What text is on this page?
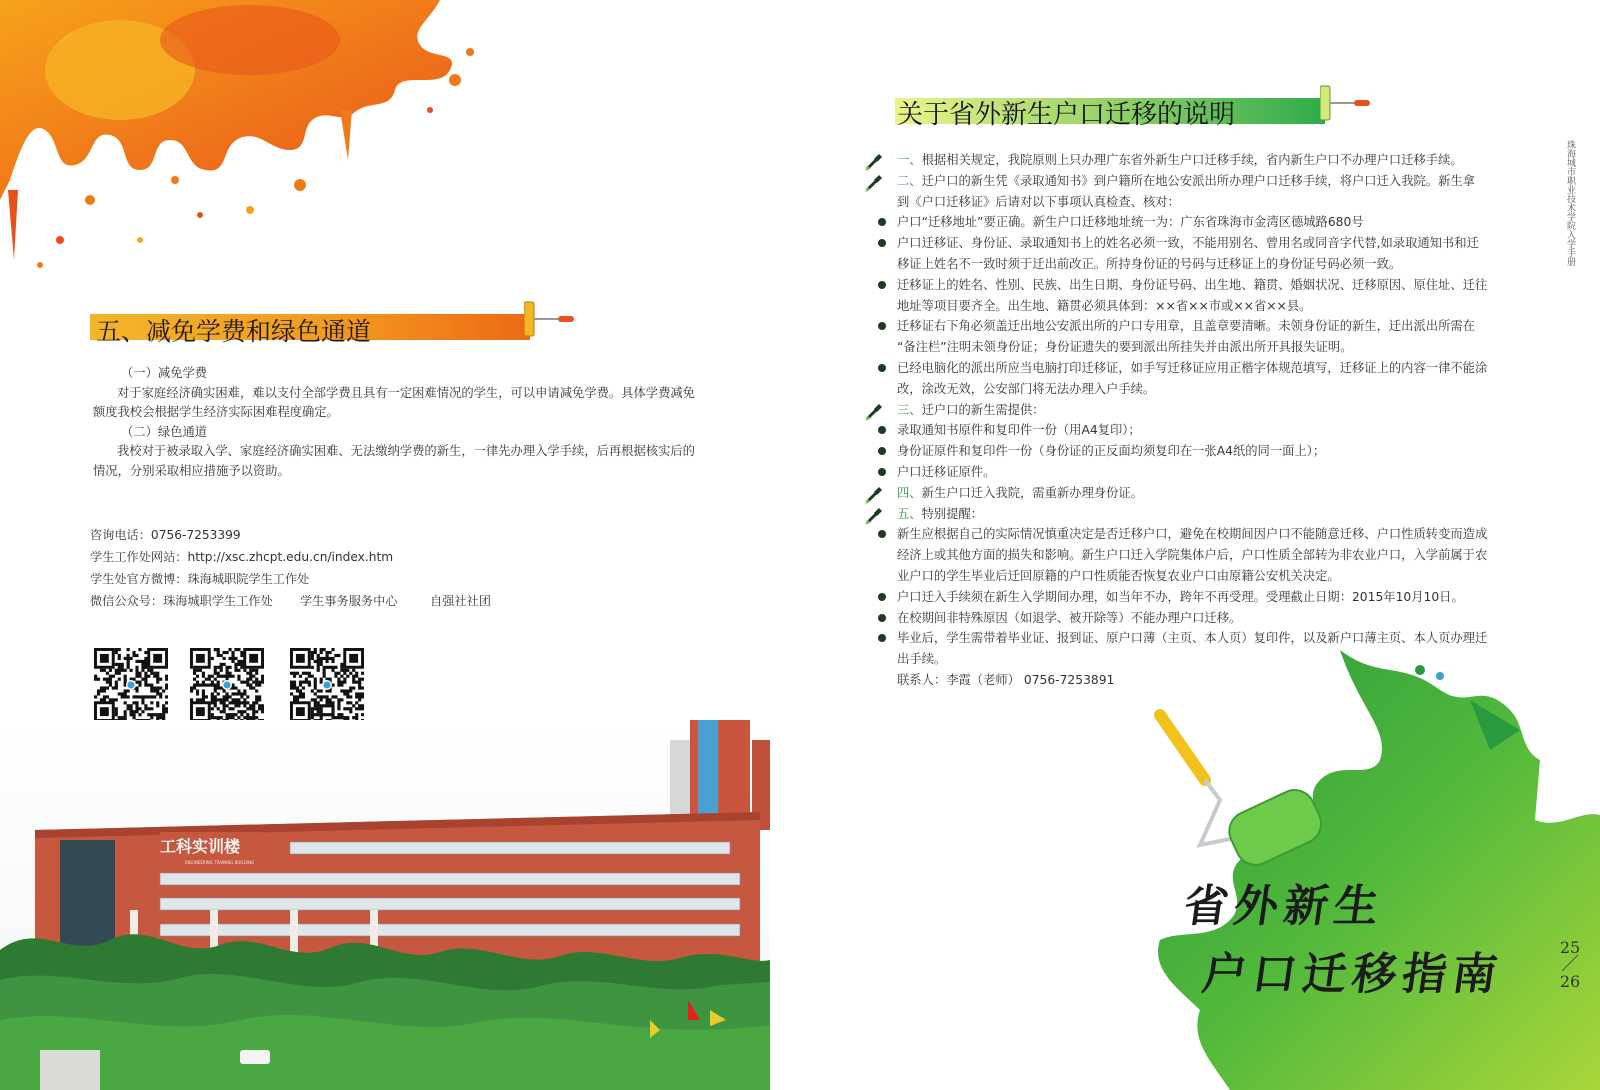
五、减免学费和绿色通道
（一）减免学费
对于家庭经济确实困难，难以支付全部学费且具有一定困难情况的学生，可以申请减免学费。具体学费减免额度我校会根据学生经济实际困难程度确定。
（二）绿色通道
我校对于被录取入学、家庭经济确实困难、无法缴纳学费的新生，一律先办理入学手续，后再根据核实后的情况，分别采取相应措施予以资助。
咨询电话：0756-7253399
学生工作处网站：http://xsc.zhcpt.edu.cn/index.htm
学生处官方微博：珠海城职院学生工作处
微信公众号：珠海城职学生工作处	学生事务服务中心	自强社社团
工科实训楼
ENGINEERING TRAINING BUILDING
关于省外新生户口迁移的说明
珠海城市职业技术学院入学手册
一、根据相关规定，我院原则上只办理广东省外新生户口迁移手续，省内新生户口不办理户口迁移手续。
二、迁户口的新生凭《录取通知书》到户籍所在地公安派出所办理户口迁移手续，将户口迁入我院。新生拿
到《户口迁移证》后请对以下事项认真检查、核对：
户口“迁移地址”要正确。新生户口迁移地址统一为：广东省珠海市金湾区德城路680号
户口迁移证、身份证、录取通知书上的姓名必须一致，不能用别名、曾用名或同音字代替,如录取通知书和迁
移证上姓名不一致时须于迁出前改正。所持身份证的号码与迁移证上的身份证号码必须一致。
迁移证上的姓名、性别、民族、出生日期、身份证号码、出生地、籍贯、婚姻状况、迁移原因、原住址、迁往
地址等项目要齐全。出生地、籍贯必须具体到：××省××市或××省××县。
迁移证右下角必须盖迁出地公安派出所的户口专用章，且盖章要清晰。未领身份证的新生，迁出派出所需在
“备注栏”注明未领身份证；身份证遗失的要到派出所挂失并由派出所开具报失证明。
已经电脑化的派出所应当电脑打印迁移证，如手写迁移证应用正楷字体规范填写，迁移证上的内容一律不能涂
改，涂改无效，公安部门将无法办理入户手续。
三、迁户口的新生需提供：
录取通知书原件和复印件一份（用A4复印）；
身份证原件和复印件一份（身份证的正反面均须复印在一张A4纸的同一面上）；
户口迁移证原件。
四、新生户口迁入我院，需重新办理身份证。
五、特别提醒：
新生应根据自己的实际情况慎重决定是否迁移户口，避免在校期间因户口不能随意迁移、户口性质转变而造成
经济上或其他方面的损失和影响。新生户口迁入学院集体户后，户口性质全部转为非农业户口，入学前属于农
业户口的学生毕业后迁回原籍的户口性质能否恢复农业户口由原籍公安机关决定。
户口迁入手续须在新生入学期间办理，如当年不办，跨年不再受理。受理截止日期：2015年10月10日。
在校期间非特殊原因（如退学、被开除等）不能办理户口迁移。
毕业后，学生需带着毕业证、报到证、原户口薄（主页、本人页）复印件，以及新户口薄主页、本人页办理迁
出手续。
联系人：李霞（老师） 0756-7253891
省外新生
户口迁移指南
25
／
26
